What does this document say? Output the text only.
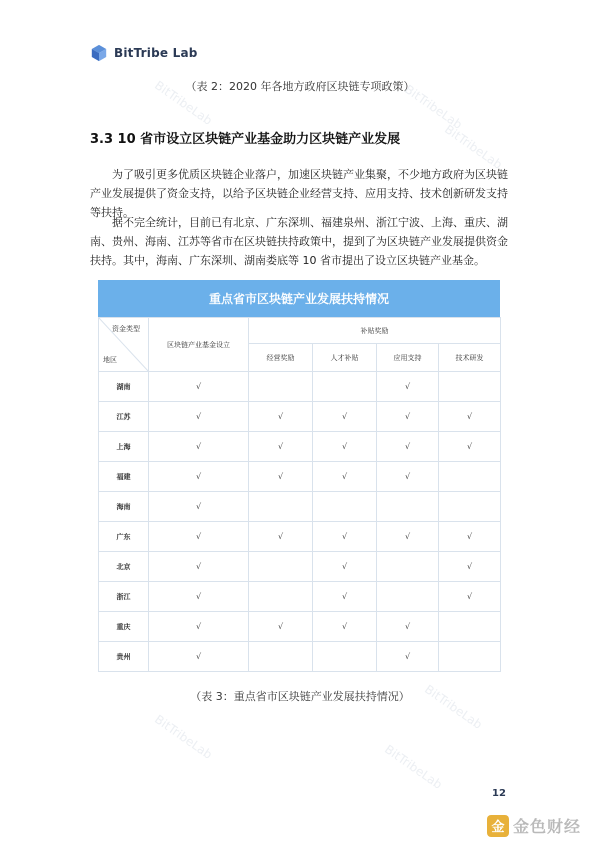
BitTribeLab	BitTribeLab
BitTribeLab
BitTribeLab
BitTribeLab
BitTribeLab
BitTribe Lab
（表 2：2020 年各地方政府区块链专项政策）
3.3 10 省市设立区块链产业基金助力区块链产业发展
为了吸引更多优质区块链企业落户，加速区块链产业集聚，不少地方政府为区块链产业发展提供了资金支持，以给予区块链企业经营支持、应用支持、技术创新研发支持等扶持。
据不完全统计，目前已有北京、广东深圳、福建泉州、浙江宁波、上海、重庆、湖南、贵州、海南、江苏等省市在区块链扶持政策中，提到了为区块链产业发展提供资金扶持。其中，海南、广东深圳、湖南娄底等 10 省市提出了设立区块链产业基金。
重点省市区块链产业发展扶持情况
资金类型
地区	区块链产业基金设立	补贴奖励			
		经营奖励	人才补贴	应用支持	技术研发
湖南	√			√	
江苏	√	√	√	√	√
上海	√	√	√	√	√
福建	√	√	√	√	
海南	√				
广东	√	√	√	√	√
北京	√		√		√
浙江	√		√		√
重庆	√	√	√	√	
贵州	√			√	
（表 3：重点省市区块链产业发展扶持情况）
12
金 金色财经
